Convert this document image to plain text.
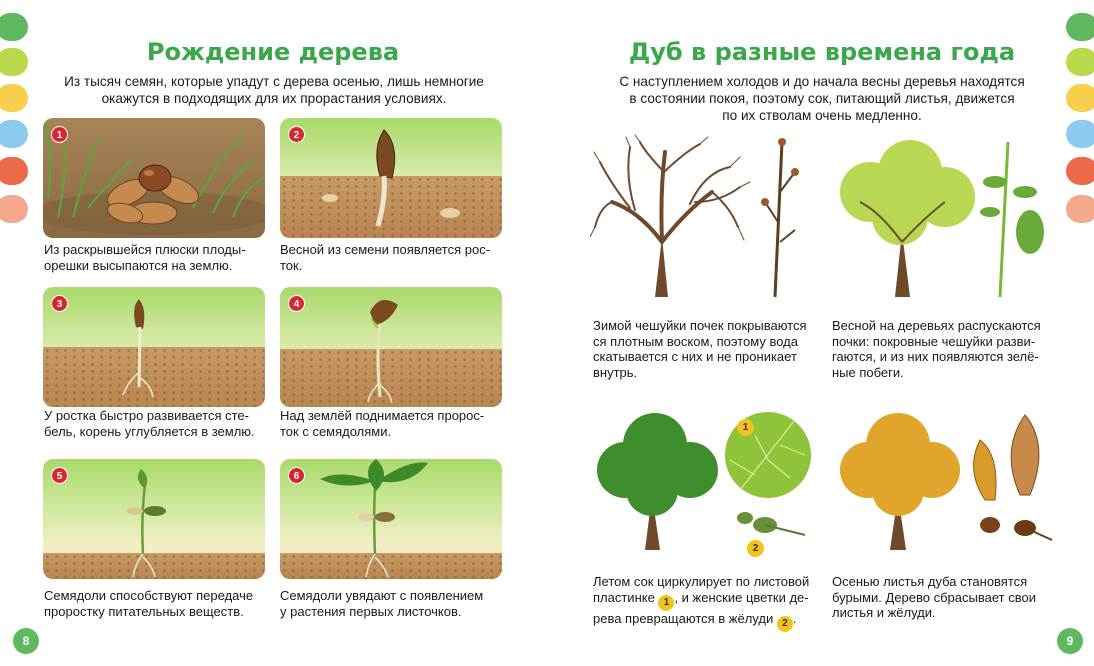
Рождение дерева
Из тысяч семян, которые упадут с дерева осенью, лишь немногие
окажутся в подходящих для их прорастания условиях.
1
Из раскрывшейся плюски плоды-
орешки высыпаются на землю.
2
Весной из семени появляется рос-
ток.
3
У ростка быстро развивается сте-
бель, корень углубляется в землю.
4
Над землёй поднимается пророс-
ток с семядолями.
5
Семядоли способствуют передаче
проростку питательных веществ.
6
Семядоли увядают с появлением
у растения первых листочков.
8
Дуб в разные времена года
С наступлением холодов и до начала весны деревья находятся
в состоянии покоя, поэтому сок, питающий листья, движется
по их стволам очень медленно.
Зимой чешуйки почек покрываются
ся плотным воском, поэтому вода
скатывается с них и не проникает
внутрь.
Весной на деревьях распускаются
почки: покровные чешуйки разви-
гаются, и из них появляются зелё-
ные побеги.
1
2
Летом сок циркулирует по листовой
пластинке 1 , и женские цветки де-
рева превращаются в жёлуди 2 .
Осенью листья дуба становятся
бурыми. Дерево сбрасывает свои
листья и жёлуди.
9
